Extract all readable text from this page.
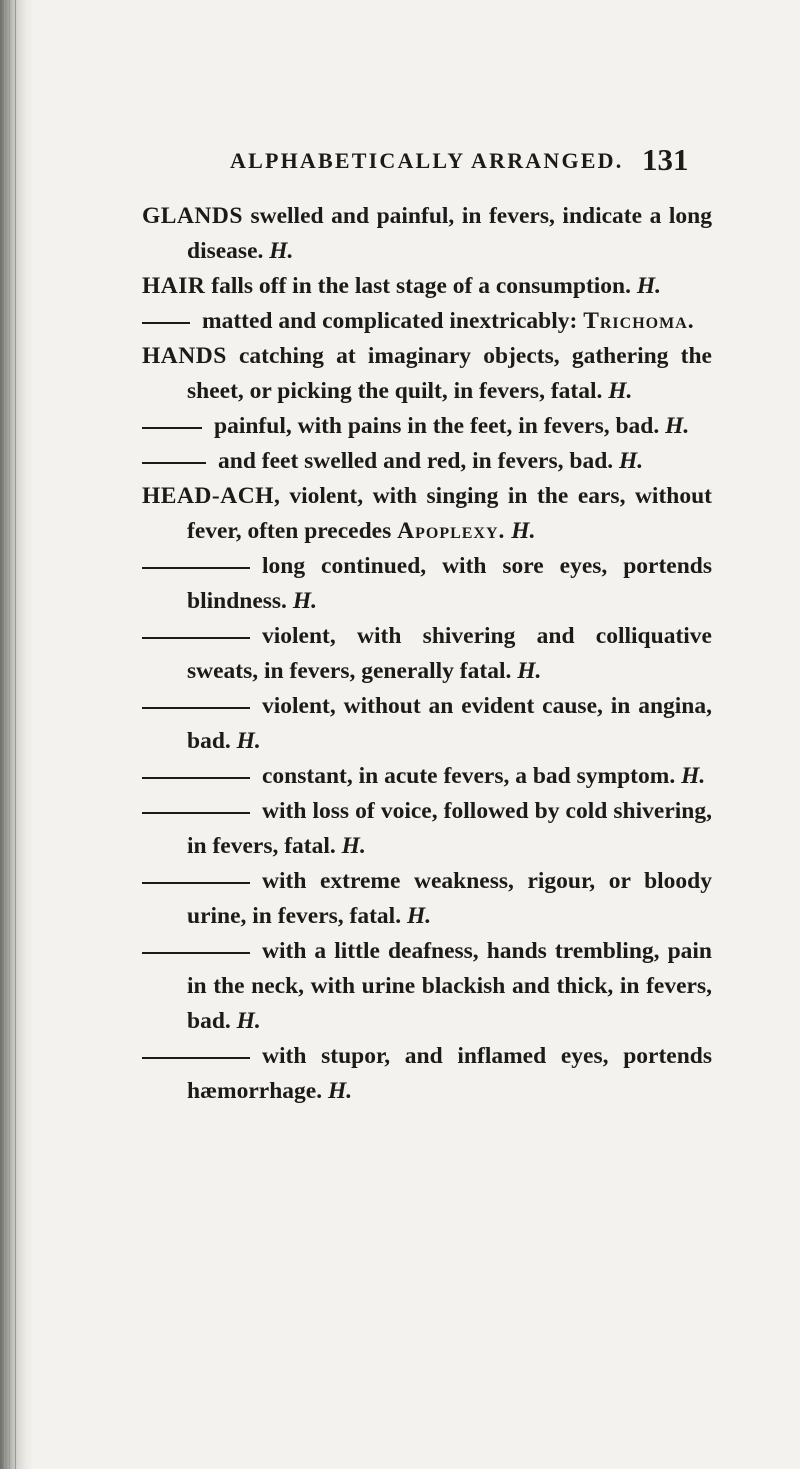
ALPHABETICALLY ARRANGED. 131

GLANDS swelled and painful, in fevers, indicate a long disease. H.

HAIR falls off in the last stage of a consumption. H.

matted and complicated inextricably: Trichoma.

HANDS catching at imaginary objects, gathering the sheet, or picking the quilt, in fevers, fatal. H.

painful, with pains in the feet, in fevers, bad. H.

and feet swelled and red, in fevers, bad. H.

HEAD-ACH, violent, with singing in the ears, without fever, often precedes Apoplexy. H.

long continued, with sore eyes, portends blindness. H.

violent, with shivering and colliquative sweats, in fevers, generally fatal. H.

violent, without an evident cause, in angina, bad. H.

constant, in acute fevers, a bad symptom. H.

with loss of voice, followed by cold shivering, in fevers, fatal. H.

with extreme weakness, rigour, or bloody urine, in fevers, fatal. H.

with a little deafness, hands trembling, pain in the neck, with urine blackish and thick, in fevers, bad. H.

with stupor, and inflamed eyes, portends hæmorrhage. H.
